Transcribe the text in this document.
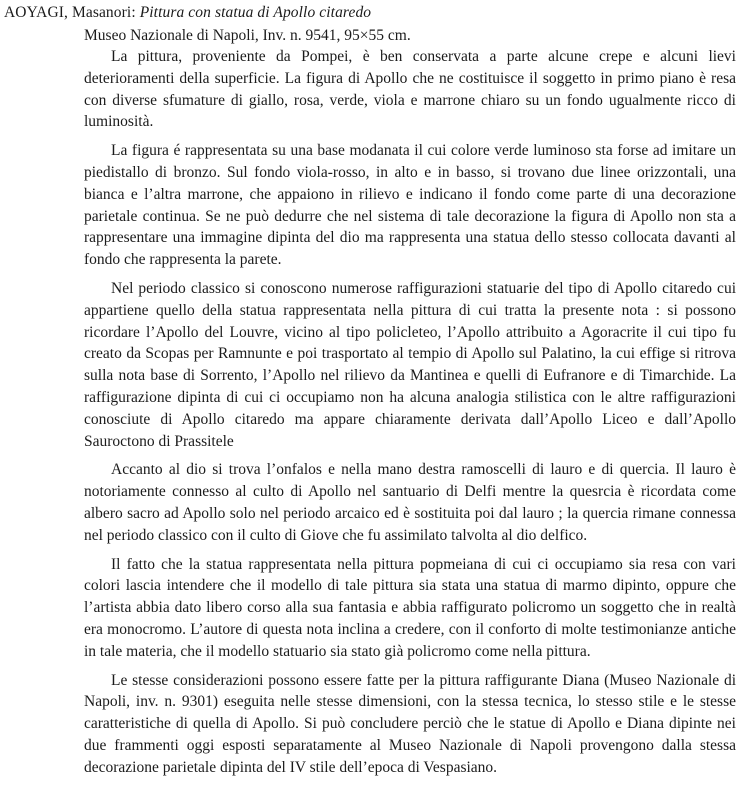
AOYAGI, Masanori: Pittura con statua di Apollo citaredo
Museo Nazionale di Napoli, Inv. n. 9541, 95×55 cm.

La pittura, proveniente da Pompei, è ben conservata a parte alcune crepe e alcuni lievi deterioramenti della superficie. La figura di Apollo che ne costituisce il soggetto in primo piano è resa con diverse sfumature di giallo, rosa, verde, viola e marrone chiaro su un fondo ugualmente ricco di luminosità.

La figura é rappresentata su una base modanata il cui colore verde luminoso sta forse ad imitare un piedistallo di bronzo. Sul fondo viola-rosso, in alto e in basso, si trovano due linee orizzontali, una bianca e l’altra marrone, che appaiono in rilievo e indicano il fondo come parte di una decorazione parietale continua. Se ne può dedurre che nel sistema di tale decorazione la figura di Apollo non sta a rappresentare una immagine dipinta del dio ma rappresenta una statua dello stesso collocata davanti al fondo che rappresenta la parete.

Nel periodo classico si conoscono numerose raffigurazioni statuarie del tipo di Apollo citaredo cui appartiene quello della statua rappresentata nella pittura di cui tratta la presente nota : si possono ricordare l’Apollo del Louvre, vicino al tipo policleteo, l’Apollo attribuito a Agoracrite il cui tipo fu creato da Scopas per Ramnunte e poi trasportato al tempio di Apollo sul Palatino, la cui effige si ritrova sulla nota base di Sorrento, l’Apollo nel rilievo da Mantinea e quelli di Eufranore e di Timarchide. La raffigurazione dipinta di cui ci occupiamo non ha alcuna analogia stilistica con le altre raffigurazioni conosciute di Apollo citaredo ma appare chiaramente derivata dall’Apollo Liceo e dall’Apollo Sauroctono di Prassitele

Accanto al dio si trova l’onfalos e nella mano destra ramoscelli di lauro e di quercia. Il lauro è notoriamente connesso al culto di Apollo nel santuario di Delfi mentre la quesrcia è ricordata come albero sacro ad Apollo solo nel periodo arcaico ed è sostituita poi dal lauro ; la quercia rimane connessa nel periodo classico con il culto di Giove che fu assimilato talvolta al dio delfico.

Il fatto che la statua rappresentata nella pittura popmeiana di cui ci occupiamo sia resa con vari colori lascia intendere che il modello di tale pittura sia stata una statua di marmo dipinto, oppure che l’artista abbia dato libero corso alla sua fantasia e abbia raffigurato policromo un soggetto che in realtà era monocromo. L’autore di questa nota inclina a credere, con il conforto di molte testimonianze antiche in tale materia, che il modello statuario sia stato già policromo come nella pittura.

Le stesse considerazioni possono essere fatte per la pittura raffigurante Diana (Museo Nazionale di Napoli, inv. n. 9301) eseguita nelle stesse dimensioni, con la stessa tecnica, lo stesso stile e le stesse caratteristiche di quella di Apollo. Si può concludere perciò che le statue di Apollo e Diana dipinte nei due frammenti oggi esposti separatamente al Museo Nazionale di Napoli provengono dalla stessa decorazione parietale dipinta del IV stile dell’epoca di Vespasiano.
